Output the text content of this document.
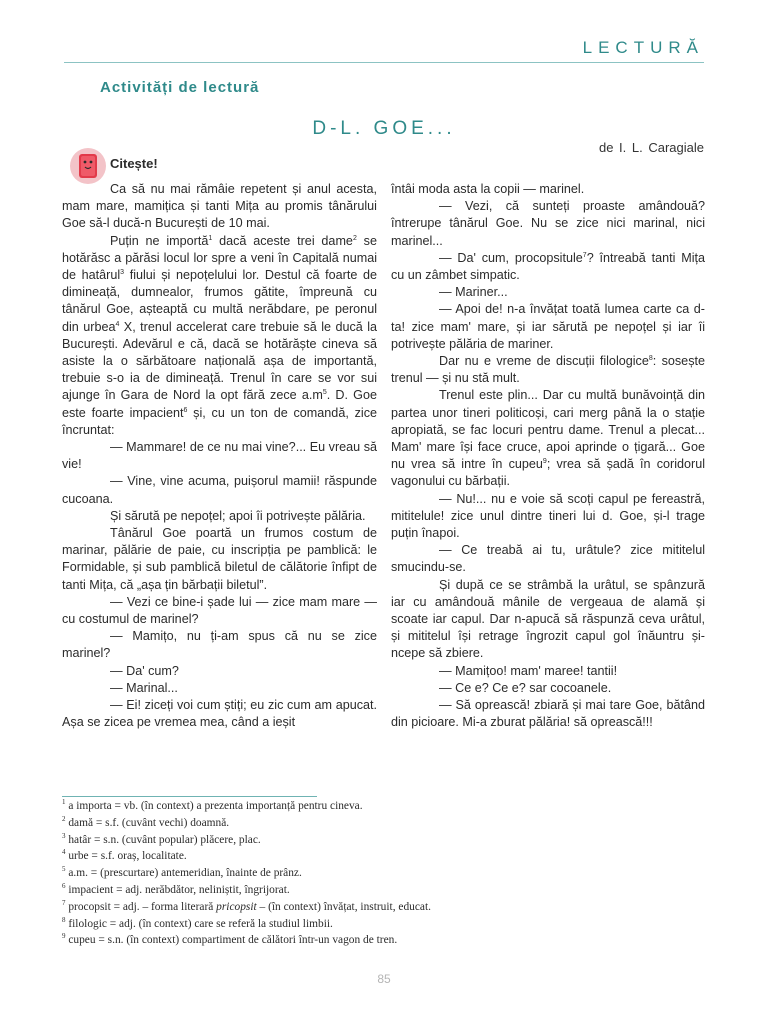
LECTURĂ
Activități de lectură
D-L. GOE...
de I. L. Caragiale
Citește!

Ca să nu mai rămâie repetent și anul acesta, mam mare, mamițica și tanti Mița au promis tânărului Goe să-l ducă-n București de 10 mai.

Puțin ne importă$^1$ dacă aceste trei dame$^2$ se hotărăsc a părăsi locul lor spre a veni în Capitală numai de hatârul$^3$ fiului și nepoțelului lor. Destul că foarte de dimineață, dumnealor, frumos gătite, împreună cu tânărul Goe, așteaptă cu multă nerăbdare, pe peronul din urbea$^4$ X, trenul accelerat care trebuie să le ducă la București. Adevărul e că, dacă se hotărăște cineva să asiste la o sărbătoare națională așa de importantă, trebuie s-o ia de dimineață. Trenul în care se vor sui ajunge în Gara de Nord la opt fără zece $a.m^5$. D. Goe este foarte impacient$^6$ și, cu un ton de comandă, zice încruntat:

— Mammare! de ce nu mai vine?... Eu vreau să vie!

— Vine, vine acuma, puișorul mamii! răspunde cucoana.

Și sărută pe nepoțel; apoi îi potrivește pălăria.

Tânărul Goe poartă un frumos costum de marinar, pălărie de paie, cu inscripția pe pamblică: le Formidable, și sub pamblică biletul de călătorie înfipt de tanti Mița, că „așa țin bărbații biletul”.

— Vezi ce bine-i șade lui — zice mam mare — cu costumul de marinel?

— Mamițo, nu ți-am spus că nu se zice marinel?

— Da' cum?

— Marinal...

— Ei! ziceți voi cum știți; eu zic cum am apucat. Așa se zicea pe vremea mea, când a ieșit

întâi moda asta la copii — marinel.

— Vezi, că sunteți proaste amândouă? întrerupe tânărul Goe. Nu se zice nici marinal, nici marinel...

— Da' cum, procopsitule$^7$? întreabă tanti Mița cu un zâmbet simpatic.

— Mariner...

— Apoi de! n-a învățat toată lumea carte ca d-ta! zice mam' mare, și iar sărută pe nepoțel și iar îi potrivește pălăria de mariner.

Dar nu e vreme de discuții filologice$^8$: sosește trenul — și nu stă mult.

Trenul este plin... Dar cu multă bunăvoință din partea unor tineri politicoși, cari merg până la o stație apropiată, se fac locuri pentru dame. Trenul a plecat... Mam' mare își face cruce, apoi aprinde o țigară... Goe nu vrea să intre în cupeu$^9$; vrea să șadă în coridorul vagonului cu bărbații.

— Nu!... nu e voie să scoți capul pe fereastră, mititelule! zice unul dintre tineri lui d. Goe, și-l trage puțin înapoi.

— Ce treabă ai tu, urâtule? zice mititelul smucindu-se.

Și după ce se strâmbă la urâtul, se spânzură iar cu amândouă mânile de vergeaua de alamă și scoate iar capul. Dar n-apucă să răspunză ceva urâtul, și mititelul își retrage îngrozit capul gol înăuntru și-ncepe să zbiere.

— Mamițoo! mam' maree! tantii!

— Ce e? Ce e? sar cocoanele.

— Să oprească! zbiară și mai tare Goe, bătând din picioare. Mi-a zburat pălăria! să oprească!!!

$^1$ a importa = vb. (în context) a prezenta importanță pentru cineva.
$^2$ damă = s.f. (cuvânt vechi) doamnă.
$^3$ hatâr = s.n. (cuvânt popular) plăcere, plac.
$^4$ urbe = s.f. oraș, localitate.
$^5$ a.m. = (prescurtare) antemeridian, înainte de prânz.
$^6$ impacient = adj. nerăbdător, neliniștit, îngrijorat.
$^7$ procopsit = adj. – forma literară pricopsit – (în context) învățat, instruit, educat.
$^8$ filologic = adj. (în context) care se referă la studiul limbii.
$^9$ cupeu = s.n. (în context) compartiment de călători într-un vagon de tren.
85
